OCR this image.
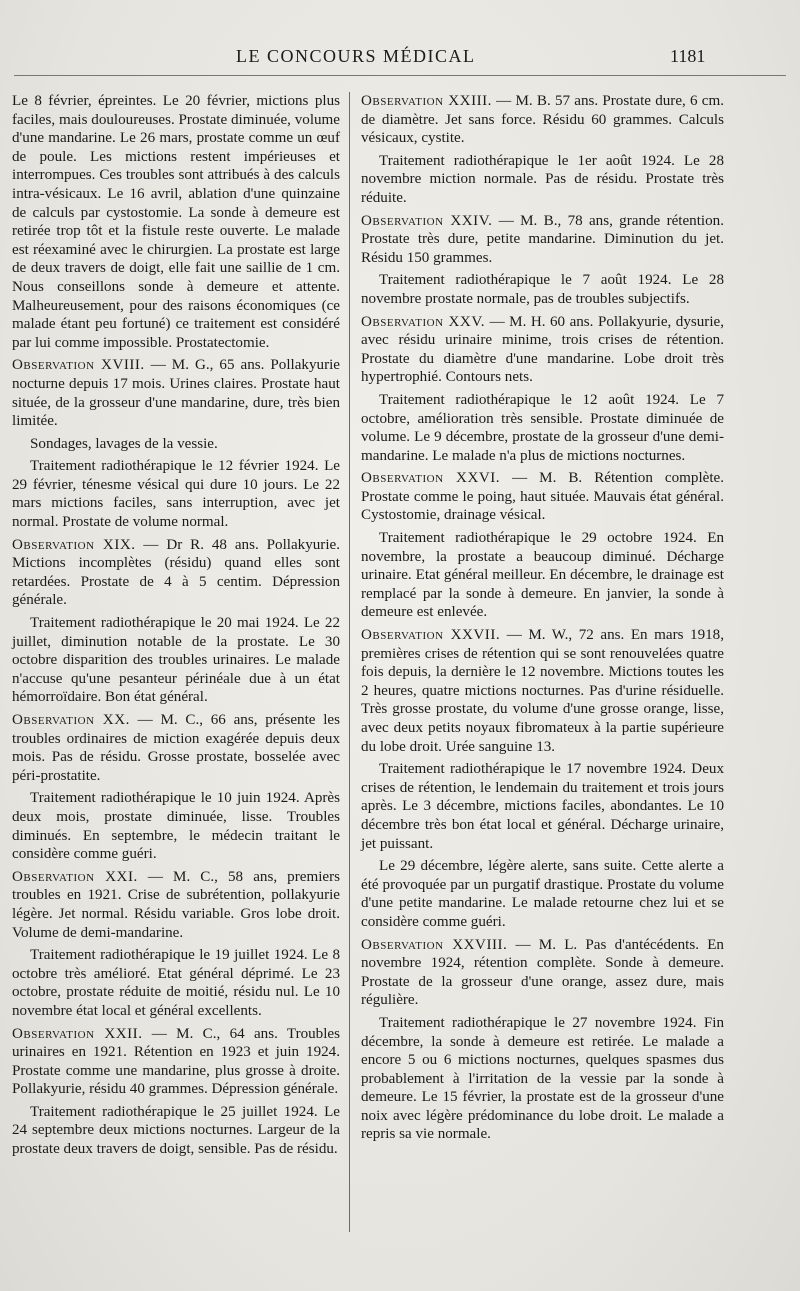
LE CONCOURS MÉDICAL	1181

Le 8 février, épreintes. Le 20 février, mictions plus faciles, mais douloureuses. Prostate diminuée, volume d'une mandarine. Le 26 mars, prostate comme un œuf de poule. Les mictions restent impérieuses et interrompues. Ces troubles sont attribués à des calculs intra-vésicaux. Le 16 avril, ablation d'une quinzaine de calculs par cystostomie. La sonde à demeure est retirée trop tôt et la fistule reste ouverte. Le malade est réexaminé avec le chirurgien. La prostate est large de deux travers de doigt, elle fait une saillie de 1 cm. Nous conseillons sonde à demeure et attente. Malheureusement, pour des raisons économiques (ce malade étant peu fortuné) ce traitement est considéré par lui comme impossible. Prostatectomie.

Observation XVIII. — M. G., 65 ans. Pollakyurie nocturne depuis 17 mois. Urines claires. Prostate haut située, de la grosseur d'une mandarine, dure, très bien limitée.

Sondages, lavages de la vessie.

Traitement radiothérapique le 12 février 1924. Le 29 février, ténesme vésical qui dure 10 jours. Le 22 mars mictions faciles, sans interruption, avec jet normal. Prostate de volume normal.

Observation XIX. — Dr R. 48 ans. Pollakyurie. Mictions incomplètes (résidu) quand elles sont retardées. Prostate de 4 à 5 centim. Dépression générale.

Traitement radiothérapique le 20 mai 1924. Le 22 juillet, diminution notable de la prostate. Le 30 octobre disparition des troubles urinaires. Le malade n'accuse qu'une pesanteur périnéale due à un état hémorroïdaire. Bon état général.

Observation XX. — M. C., 66 ans, présente les troubles ordinaires de miction exagérée depuis deux mois. Pas de résidu. Grosse prostate, bosselée avec péri-prostatite.

Traitement radiothérapique le 10 juin 1924. Après deux mois, prostate diminuée, lisse. Troubles diminués. En septembre, le médecin traitant le considère comme guéri.

Observation XXI. — M. C., 58 ans, premiers troubles en 1921. Crise de subrétention, pollakyurie légère. Jet normal. Résidu variable. Gros lobe droit. Volume de demi-mandarine.

Traitement radiothérapique le 19 juillet 1924. Le 8 octobre très amélioré. Etat général déprimé. Le 23 octobre, prostate réduite de moitié, résidu nul. Le 10 novembre état local et général excellents.

Observation XXII. — M. C., 64 ans. Troubles urinaires en 1921. Rétention en 1923 et juin 1924. Prostate comme une mandarine, plus grosse à droite. Pollakyurie, résidu 40 grammes. Dépression générale.

Traitement radiothérapique le 25 juillet 1924. Le 24 septembre deux mictions nocturnes. Largeur de la prostate deux travers de doigt, sensible. Pas de résidu.

Observation XXIII. — M. B. 57 ans. Prostate dure, 6 cm. de diamètre. Jet sans force. Résidu 60 grammes. Calculs vésicaux, cystite.

Traitement radiothérapique le 1er août 1924. Le 28 novembre miction normale. Pas de résidu. Prostate très réduite.

Observation XXIV. — M. B., 78 ans, grande rétention. Prostate très dure, petite mandarine. Diminution du jet. Résidu 150 grammes.

Traitement radiothérapique le 7 août 1924. Le 28 novembre prostate normale, pas de troubles subjectifs.

Observation XXV. — M. H. 60 ans. Pollakyurie, dysurie, avec résidu urinaire minime, trois crises de rétention. Prostate du diamètre d'une mandarine. Lobe droit très hypertrophié. Contours nets.

Traitement radiothérapique le 12 août 1924. Le 7 octobre, amélioration très sensible. Prostate diminuée de volume. Le 9 décembre, prostate de la grosseur d'une demi-mandarine. Le malade n'a plus de mictions nocturnes.

Observation XXVI. — M. B. Rétention complète. Prostate comme le poing, haut située. Mauvais état général. Cystostomie, drainage vésical.

Traitement radiothérapique le 29 octobre 1924. En novembre, la prostate a beaucoup diminué. Décharge urinaire. Etat général meilleur. En décembre, le drainage est remplacé par la sonde à demeure. En janvier, la sonde à demeure est enlevée.

Observation XXVII. — M. W., 72 ans. En mars 1918, premières crises de rétention qui se sont renouvelées quatre fois depuis, la dernière le 12 novembre. Mictions toutes les 2 heures, quatre mictions nocturnes. Pas d'urine résiduelle. Très grosse prostate, du volume d'une grosse orange, lisse, avec deux petits noyaux fibromateux à la partie supérieure du lobe droit. Urée sanguine 13.

Traitement radiothérapique le 17 novembre 1924. Deux crises de rétention, le lendemain du traitement et trois jours après. Le 3 décembre, mictions faciles, abondantes. Le 10 décembre très bon état local et général. Décharge urinaire, jet puissant.

Le 29 décembre, légère alerte, sans suite. Cette alerte a été provoquée par un purgatif drastique. Prostate du volume d'une petite mandarine. Le malade retourne chez lui et se considère comme guéri.

Observation XXVIII. — M. L. Pas d'antécédents. En novembre 1924, rétention complète. Sonde à demeure. Prostate de la grosseur d'une orange, assez dure, mais régulière.

Traitement radiothérapique le 27 novembre 1924. Fin décembre, la sonde à demeure est retirée. Le malade a encore 5 ou 6 mictions nocturnes, quelques spasmes dus probablement à l'irritation de la vessie par la sonde à demeure. Le 15 février, la prostate est de la grosseur d'une noix avec légère prédominance du lobe droit. Le malade a repris sa vie normale.
